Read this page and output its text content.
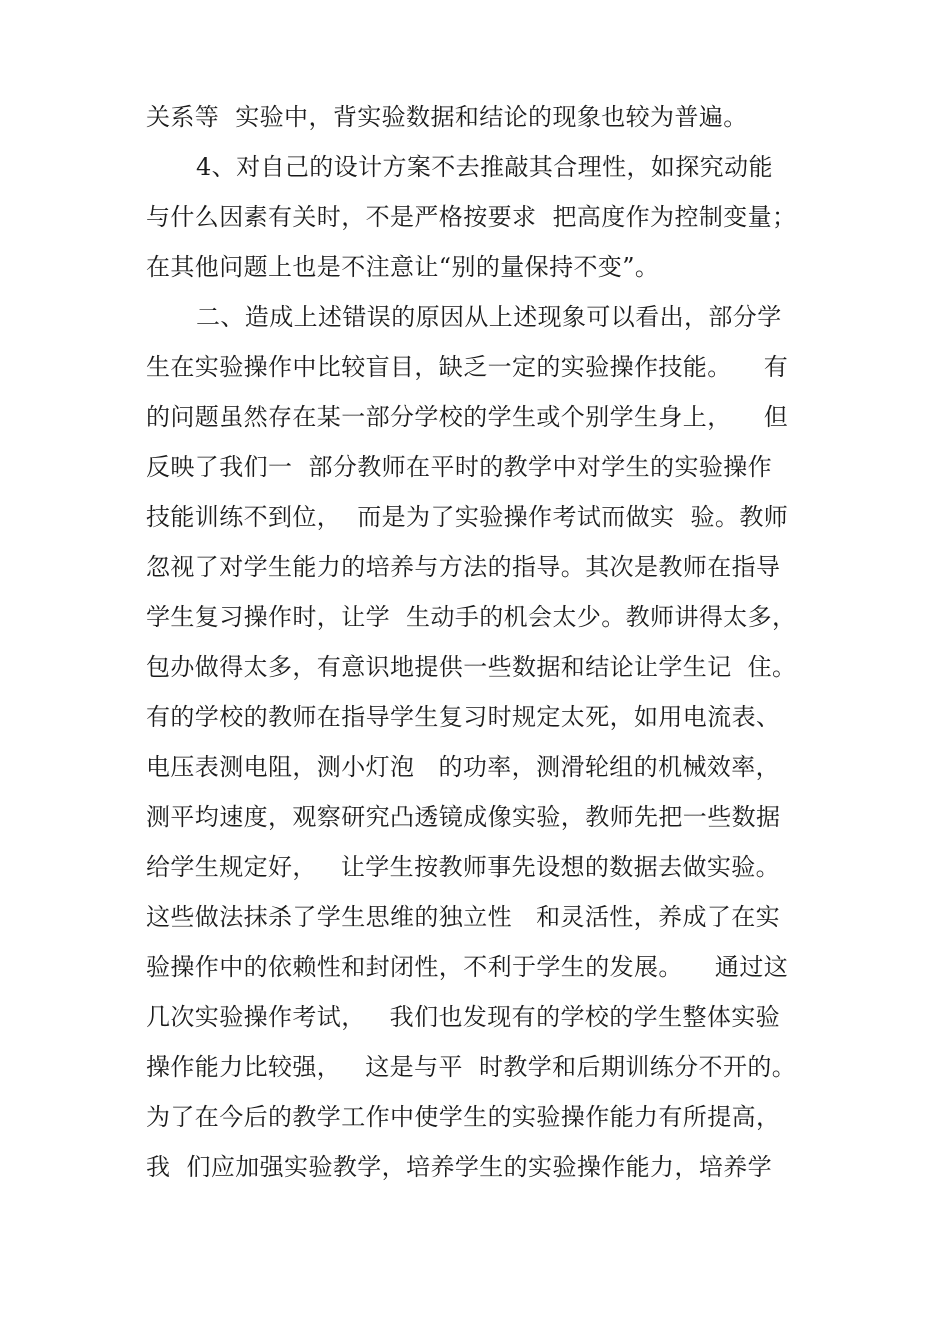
关系等  实验中，背实验数据和结论的现象也较为普遍。
4、对自己的设计方案不去推敲其合理性，如探究动能
与什么因素有关时，不是严格按要求  把高度作为控制变量；
在其他问题上也是不注意让“别的量保持不变”。
二、造成上述错误的原因从上述现象可以看出，部分学
生在实验操作中比较盲目，缺乏一定的实验操作技能。    有
的问题虽然存在某一部分学校的学生或个别学生身上，    但
反映了我们一  部分教师在平时的教学中对学生的实验操作
技能训练不到位，  而是为了实验操作考试而做实  验。教师
忽视了对学生能力的培养与方法的指导。其次是教师在指导
学生复习操作时，让学  生动手的机会太少。教师讲得太多，
包办做得太多，有意识地提供一些数据和结论让学生记  住。
有的学校的教师在指导学生复习时规定太死，如用电流表、
电压表测电阻，测小灯泡   的功率，测滑轮组的机械效率，
测平均速度，观察研究凸透镜成像实验，教师先把一些数据
给学生规定好，   让学生按教师事先设想的数据去做实验。
这些做法抹杀了学生思维的独立性   和灵活性，养成了在实
验操作中的依赖性和封闭性，不利于学生的发展。    通过这
几次实验操作考试，   我们也发现有的学校的学生整体实验
操作能力比较强，   这是与平  时教学和后期训练分不开的。
为了在今后的教学工作中使学生的实验操作能力有所提高，
我  们应加强实验教学，培养学生的实验操作能力，培养学
